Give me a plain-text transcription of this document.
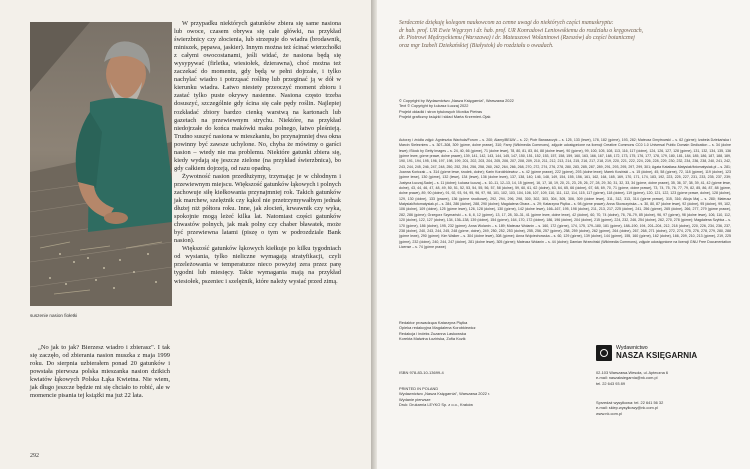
suszenie nasion fiołetki

„No jak to jak? Bierzesz wiadro i zbierasz". I tak się zaczęło, od zbierania nasion muszka z maja 1999 roku. Do sierpnia uzbierałem ponad 20 gatunków i powstała pierwsza polska mieszanka nasion dzikich kwiatów łąkowych Polska Łąka Kwietna. Nie wiem, jak długo jeszcze będzie mi się chciało to robić, ale w momencie pisania tej książki ma już 22 lata.

W przypadku niektórych gatunków zbiera się same nasiona lub owoce, czasem obrywa się całe główki, na przykład świerzbnicy czy złocienia, lub strzepuje do wiadra (brodawnik, miniszek, pępawa, jaskier). Innym można też ścinać wierzchołki z całymi owocostanami, jeśli widać, że nasiona będą się wysypywać (firletka, wiesiołek, dzierawna), choć można też zaczekać do momentu, gdy będą w pełni dojrzałe, i tylko nachylać wiadro i potrząsać roślinę lub przeginać ją w dół w kierunku wiadra. Łatwo niestety przeoczyć moment zbioru i zastać tylko puste okrywy nasienne. Nasiona często trzeba dosuszyć, szczególnie gdy ścina się całe pędy roślin. Najlepiej rozkładać zbiory bardzo cienką warstwą na kartonach lub gazetach na przewiewnym strychu. Niektóre, na przykład niedojrzałe do końca makówki maku polnego, łatwo pleśnieją. Trudno suszyć nasiona w mieszkaniu, bo przynajmniej dwa okna powinny być zawsze uchylone. No, chyba że mówimy o garści nasion – wtedy nie ma problemu. Niektóre gatunki zbiera się, kiedy wydają się jeszcze zielone (na przykład świerzbnica), bo gdy całkiem dojrzeją, od razu opadną.

Żywotność nasion przedłużymy, trzymając je w chłodnym i przewiewnym miejscu. Większość gatunków łąkowych i polnych zachowuje siłę kiełkowania przynajmniej rok. Takich gatunków jak marchew, szelężnik czy kąkol nie przetrzymywałbym jednak dłużej niż półtora roku. Inne, jak złocień, krwawnik czy wyka, spokojnie mogą leżeć kilka lat. Natomiast części gatunków chwastów polnych, jak mak polny czy chaber bławatek, może być przewiewna latami (piszę o tym w podrozdziale Bank nasion).

Większość gatunków łąkowych kiełkuje po kilku tygodniach od wysiania, tylko nieliczne wymagają stratyfikacji, czyli przeleżowania w temperaturze nieco powyżej zera przez parę tygodni lub miesięcy. Takie wymagania mają na przykład wiesiołek, pszeniec i szelężnik, które należy wysiać przed zimą.

292

Serdecznie dziękuję kolegom naukowcom za cenne uwagi do niektórych części manuskryptu:

dr hab. prof. UR Ewie Węgrzyn i dr. hab. prof. UR Konradowi Leniowskiemu do rozdziału o kręgowcach,

dr. Piotrowi Mędrzyckiemu (Warszawa) i dr. Mateuszowi Wolaninowi (Rzeszów) do części botanicznej

oraz mgr Izabeli Dziekańskiej (Białystok) do rozdziału o owadach.

© Copyright by Wydawnictwo „Nasza Księgarnia", Warszawa 2022

Text © Copyright by Łukasz Łuczaj 2022

Projekt okładki i stron tytułowych Monika Pietras

Projekt graficzny książki i skład Marta Krzemień-Ojak

Autorzy i źródła zdjęć: Agnieszka Wachuła/Forum – s. 200; Alamy/BE&W – s. 22; Piotr Banaszczyk – s. 125, 133 (lewe), 178, 182 (górne), 193, 282; Mateusz Dmytrowski – s. 62 (górne); Izabela Dziekańska i Marcin Sielezniew – s. 307–308, 309 (górne, dolne prawe), 310; Farry (Wikimedia Commons), zdjęcie udostępnione na licencji Creative Commons CC0 1.0 Universal Public Domain Dedication – s. 34 (dolne lewe); iStock by Getty Images – s. 24, 40, 66 (górne), 71 (dolne lewe), 78, 80, 81, 83, 84, 88 (dolne lewe), 90 (górne), 99, 100, 105, 108, 113, 116, 117 (dolne), 124, 126, 127, 128 (górne), 131, 132, 134, 135, 136 (górne lewe, górne prawe, dolne prawe), 139, 141, 142, 143, 144, 145, 147, 150, 151, 152, 153, 157, 158, 159, 160, 163, 166, 167, 168, 172, 173, 175, 176, 177, 178, 179, 180, 181, 184, 185, 186, 187, 188, 189, 190, 191, 194, 195, 196, 197, 198, 199, 201, 202, 203, 204, 205, 206, 207, 208, 209, 210, 211, 212, 213, 214, 215, 216, 217, 218, 219, 220, 221, 222, 224, 226, 228, 229, 230, 232, 234, 236, 238, 240, 241, 242, 243, 244, 245, 246, 247, 248, 250, 252, 254, 256, 258, 260, 262, 264, 266, 268, 270, 272, 274, 276, 278, 280, 283, 285, 287, 289, 291, 293, 295, 297, 299, 301; Agata Kataliasz-Matysiak/fotomatysiak.pl – s. 281; Joanna Kończak – s. 314 (górne lewe, środek, dolne); Karin Korokhkiewicz – s. 42 (górne prawe), 222 (górne), 293 (dolne lewe); Marek Kosiński – s. 15 (dolne), 45, 58 (górne), 72, 118 (górne), 119 (dolne), 123 (górne lewe), 130 (górne), 132 (lewe), 134 (lewe), 136 (dolne lewe), 137, 138, 140, 146, 148, 149, 154, 155, 156, 161, 162, 164, 165, 169, 170, 171, 174, 183, 192, 223, 225, 227, 231, 233, 235, 237, 239; Justyna Łuczaj-Sadej – s. 11 (dolne); Łukasz Łuczaj – s. 10–11, 12–13, 14, 15 (górne), 16, 17, 18, 19, 20, 21, 23, 25, 26, 27, 28, 29, 30, 31, 32, 33, 34 (górne, dolne prawe), 35, 36, 37, 38, 39, 41, 42 (górne lewe, dolne), 43, 44, 46, 47, 48, 49, 50, 51, 52, 53, 54, 55, 56, 57, 58 (dolne), 59, 60, 61, 62 (dolne), 63, 64, 65, 66 (dolne), 67, 68, 69, 70, 71 (górne, dolne prawe), 73, 74, 75, 76, 77, 79, 82, 85, 86, 87, 88 (górne, dolne prawe), 89, 90 (dolne), 91, 92, 93, 94, 95, 96, 97, 98, 101, 102, 103, 104, 106, 107, 109, 110, 111, 112, 114, 115, 117 (górne), 118 (dolne), 119 (górne), 120, 121, 122, 123 (górne prawe, dolne), 128 (dolne), 129, 130 (dolne), 133 (prawe), 136 (górne środkowe), 292, 294, 296, 298, 300, 302, 303, 304, 305, 306, 309 (dolne lewe), 311, 312, 313, 314 (górne prawe), 315, 316; Alicja Maj – s. 280; Mateusz Matysiak/fotomatysiak.pl – s. 284, 286 (dolne), 288, 290 (dolne); Magdalena Obara – s. 29; Katarzyna Piętka – s. 98 (górne prawe); Anna Skonczyńska – s. 30, 80, 87 (dolne lewe), 92 (dolne), 95 (dolne), 99, 102, 106 (dolne), 109 (dolne), 125 (górne lewe), 126, 128 (dolne), 130 (górne), 142 (dolne lewe), 166–167, 195, 198 (dolne), 211, 213, 217, 225 (dolne), 241, 256 (górne), 265 (dolne), 266, 277, 279 (górne prawe), 282, 286 (górne); Grzegorz Szymański – s. 6, 8, 12 (górne), 13, 17, 28, 30–31, 41 (górne lewe, dolne lewe), 42 (dolne), 60, 70, 74 (dolne), 76, 78–79, 85 (dolne), 96, 97 (górne), 98 (dolne lewe), 106, 110, 112, 120 (dolne), 122, 127 (dolne), 134, 136–138, 139 (dolne), 154 (górne), 164, 170, 172 (dolne), 186, 196 (dolne), 204 (dolne), 215 (górne), 224, 232, 246, 254 (dolne), 262, 270, 278 (górne); Magdalena Szybka – s. 170 (górne), 186 (dolne), 195, 232 (górne); Anna Wolanin – s. 189; Mateusz Wolanin – s. 160, 172 (górne), 174, 175, 179–180, 181 (górne), 188–190, 194, 201–204, 212, 218 (dolne), 220, 226, 234, 236, 237, 238 (dolne), 240, 243, 244, 245, 248 (górne, dolne), 249, 250, 252, 253 (dolne), 255, 256, 257 (górne), 258, 259 (dolne), 262 (górne), 264 (dolne), 267, 268, 271 (dolne), 272, 274, 275, 276, 278, 279, 280, 288 (górne lewe), 290 (górne); Kim Walker – s. 304 (dolne lewe), 308 (górne); Anna Wojciechowska – s. 60, 129 (górne), 139 (dolne), 144 (górne), 155, 160 (górne), 162 (dolne), 166, 209, 210, 213 (górne), 219, 225 (górne), 232 (dolne), 240, 244, 247 (dolne), 281 (dolne lewe), 305 (górne); Mateusz Wolanin – s. 44 (dolne); Damian Wrzeciński (Wikimedia Commons), zdjęcie udostępnione na licencji GNU Free Documentation License – s. 74 (górne prawe)

Redaktor prowadząca Katarzyna Piętka

Opieka redakcyjna Magdalena Korobkiewicz

Redakcja i indeks Zuzanna Laskowska

Korekta Malwina Łozińska, Zofia Kozik

ISBN 978-83-10-13699-4

PRINTED IN POLAND

Wydawnictwo „Nasza Księgarnia", Warszawa 2022 r.

Wydanie pierwsze

Druk: Drukarnia LEYKO Sp. z o.o., Kraków

Wydawnictwo
NASZA KSIĘGARNIA

02-103 Warszawa-Wesoła, ul. Apteczna 6

e-mail: naszaksiegarnia@nk.com.pl

tel. 22 643 93 89

Sprzedaż wysyłkowa: tel. 22 641 56 32

e-mail: sklep.wysylkowy@nk.com.pl

www.nk.com.pl
